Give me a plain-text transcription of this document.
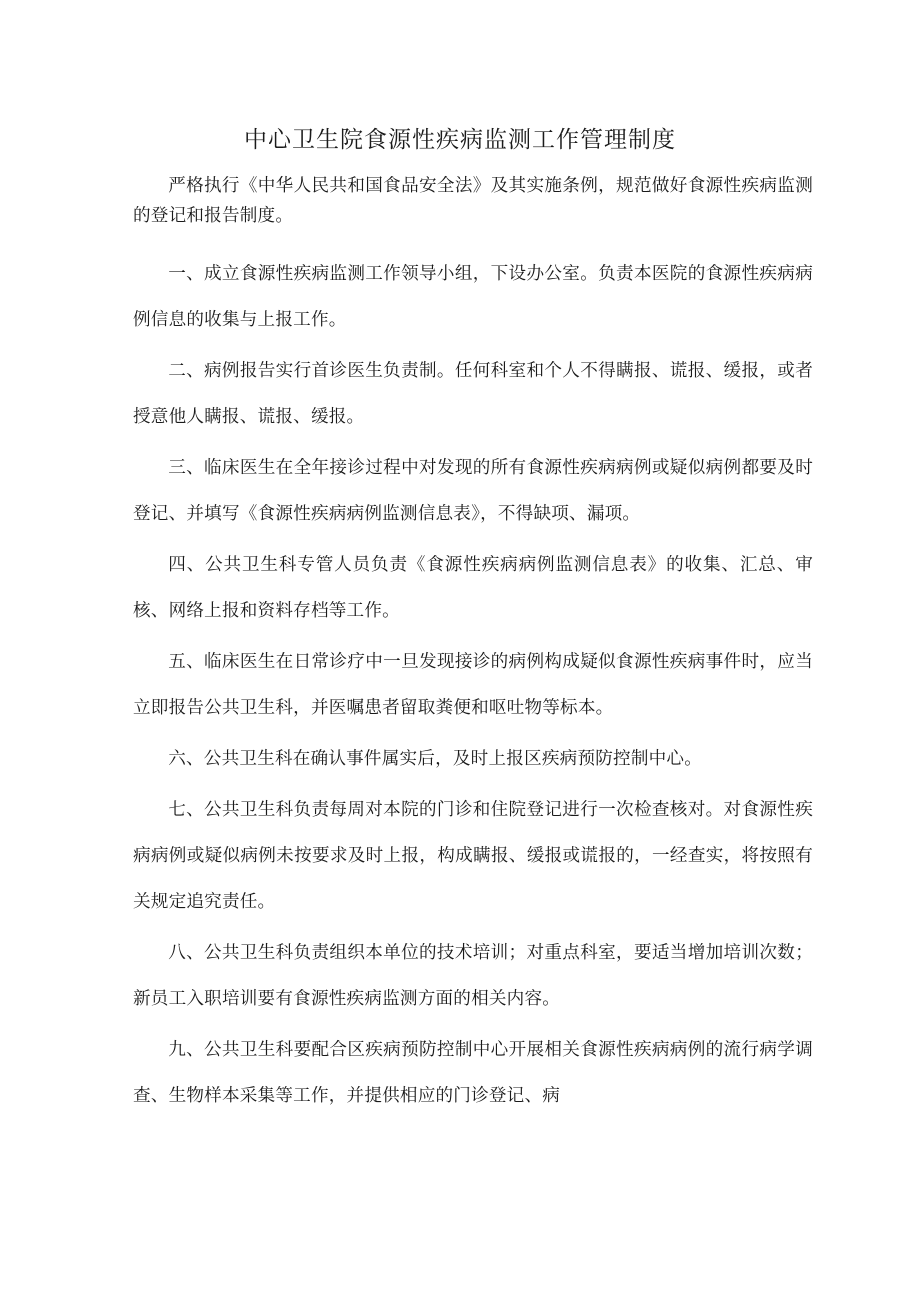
中心卫生院食源性疾病监测工作管理制度

严格执行《中华人民共和国食品安全法》及其实施条例，规范做好食源性疾病监测的登记和报告制度。

一、成立食源性疾病监测工作领导小组，下设办公室。负责本医院的食源性疾病病例信息的收集与上报工作。

二、病例报告实行首诊医生负责制。任何科室和个人不得瞒报、谎报、缓报，或者授意他人瞒报、谎报、缓报。

三、临床医生在全年接诊过程中对发现的所有食源性疾病病例或疑似病例都要及时登记、并填写《食源性疾病病例监测信息表》，不得缺项、漏项。

四、公共卫生科专管人员负责《食源性疾病病例监测信息表》的收集、汇总、审核、网络上报和资料存档等工作。

五、临床医生在日常诊疗中一旦发现接诊的病例构成疑似食源性疾病事件时，应当立即报告公共卫生科，并医嘱患者留取粪便和呕吐物等标本。

六、公共卫生科在确认事件属实后，及时上报区疾病预防控制中心。

七、公共卫生科负责每周对本院的门诊和住院登记进行一次检查核对。对食源性疾病病例或疑似病例未按要求及时上报，构成瞒报、缓报或谎报的，一经查实，将按照有关规定追究责任。

八、公共卫生科负责组织本单位的技术培训；对重点科室，要适当增加培训次数；新员工入职培训要有食源性疾病监测方面的相关内容。

九、公共卫生科要配合区疾病预防控制中心开展相关食源性疾病病例的流行病学调查、生物样本采集等工作，并提供相应的门诊登记、病
